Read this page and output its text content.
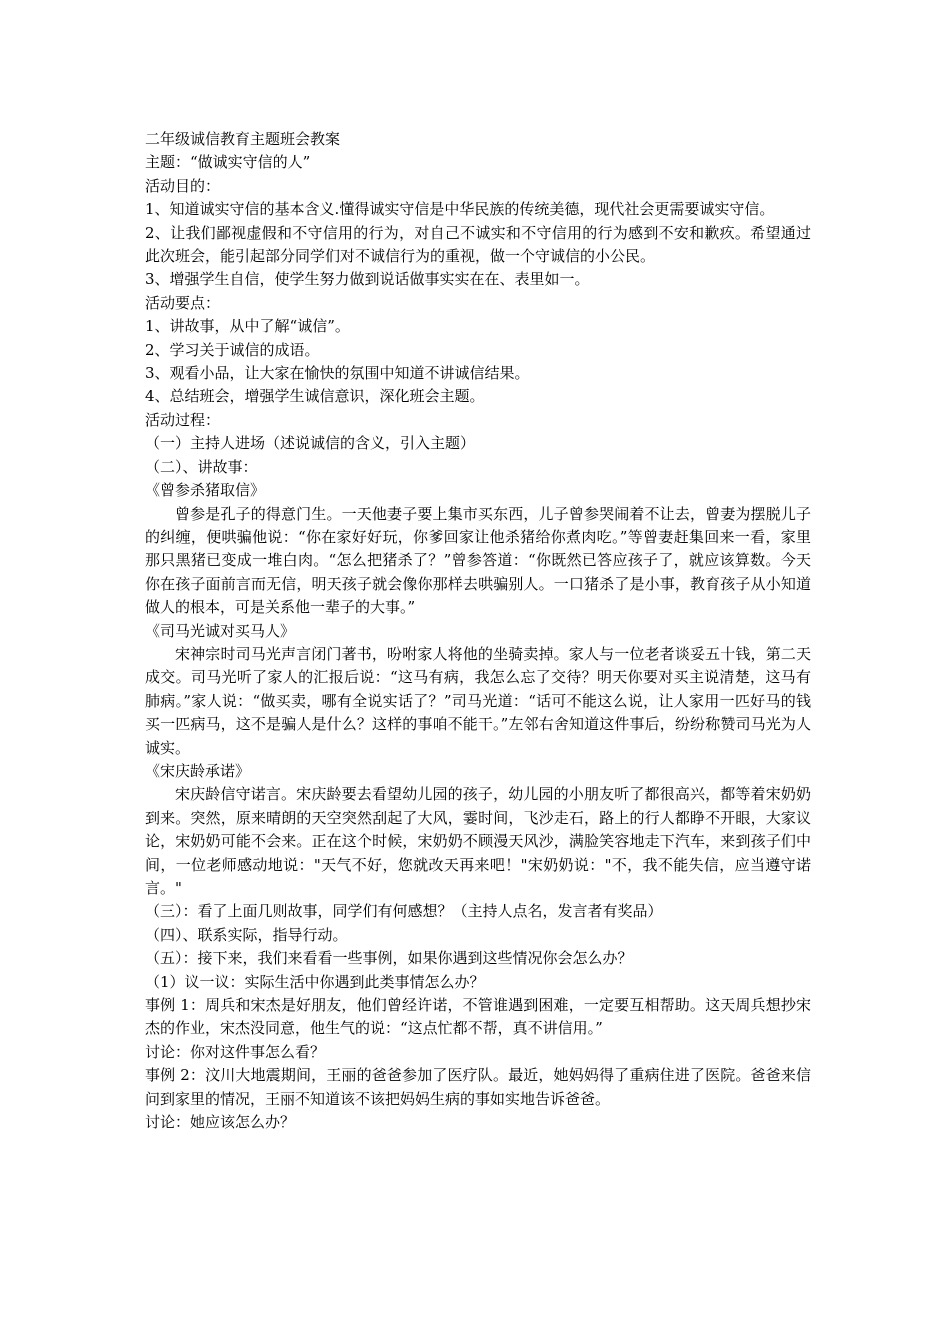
二年级诚信教育主题班会教案

主题：“做诚实守信的人”

活动目的：

1、知道诚实守信的基本含义.懂得诚实守信是中华民族的传统美德，现代社会更需要诚实守信。

2、让我们鄙视虚假和不守信用的行为，对自己不诚实和不守信用的行为感到不安和歉疚。希望通过此次班会，能引起部分同学们对不诚信行为的重视，做一个守诚信的小公民。

3、增强学生自信，使学生努力做到说话做事实实在在、表里如一。

活动要点：

1、讲故事，从中了解“诚信”。

2、学习关于诚信的成语。

3、观看小品，让大家在愉快的氛围中知道不讲诚信结果。

4、总结班会，增强学生诚信意识，深化班会主题。

活动过程：

（一）主持人进场（述说诚信的含义，引入主题）

（二）、讲故事：

《曾参杀猪取信》

曾参是孔子的得意门生。一天他妻子要上集市买东西，儿子曾参哭闹着不让去，曾妻为摆脱儿子的纠缠，便哄骗他说：“你在家好好玩，你爹回家让他杀猪给你煮肉吃。”等曾妻赶集回来一看，家里那只黑猪已变成一堆白肉。“怎么把猪杀了？”曾参答道：“你既然已答应孩子了，就应该算数。今天你在孩子面前言而无信，明天孩子就会像你那样去哄骗别人。一口猪杀了是小事，教育孩子从小知道做人的根本，可是关系他一辈子的大事。”

《司马光诚对买马人》

宋神宗时司马光声言闭门著书，吩咐家人将他的坐骑卖掉。家人与一位老者谈妥五十钱，第二天成交。司马光听了家人的汇报后说：“这马有病，我怎么忘了交待？明天你要对买主说清楚，这马有肺病。”家人说：“做买卖，哪有全说实话了？”司马光道：“话可不能这么说，让人家用一匹好马的钱买一匹病马，这不是骗人是什么？这样的事咱不能干。”左邻右舍知道这件事后，纷纷称赞司马光为人诚实。

《宋庆龄承诺》

宋庆龄信守诺言。宋庆龄要去看望幼儿园的孩子，幼儿园的小朋友听了都很高兴，都等着宋奶奶到来。突然，原来晴朗的天空突然刮起了大风，霎时间，飞沙走石，路上的行人都睁不开眼，大家议论，宋奶奶可能不会来。正在这个时候，宋奶奶不顾漫天风沙，满脸笑容地走下汽车，来到孩子们中间，一位老师感动地说："天气不好，您就改天再来吧！"宋奶奶说："不，我不能失信，应当遵守诺言。"

（三）：看了上面几则故事，同学们有何感想？（主持人点名，发言者有奖品）

（四）、联系实际，指导行动。

（五）：接下来，我们来看看一些事例，如果你遇到这些情况你会怎么办？

（1）议一议：实际生活中你遇到此类事情怎么办？

事例 1：周兵和宋杰是好朋友，他们曾经许诺，不管谁遇到困难，一定要互相帮助。这天周兵想抄宋杰的作业，宋杰没同意，他生气的说：“这点忙都不帮，真不讲信用。”

讨论：你对这件事怎么看？

事例 2：汶川大地震期间，王丽的爸爸参加了医疗队。最近，她妈妈得了重病住进了医院。爸爸来信问到家里的情况，王丽不知道该不该把妈妈生病的事如实地告诉爸爸。

讨论：她应该怎么办？
